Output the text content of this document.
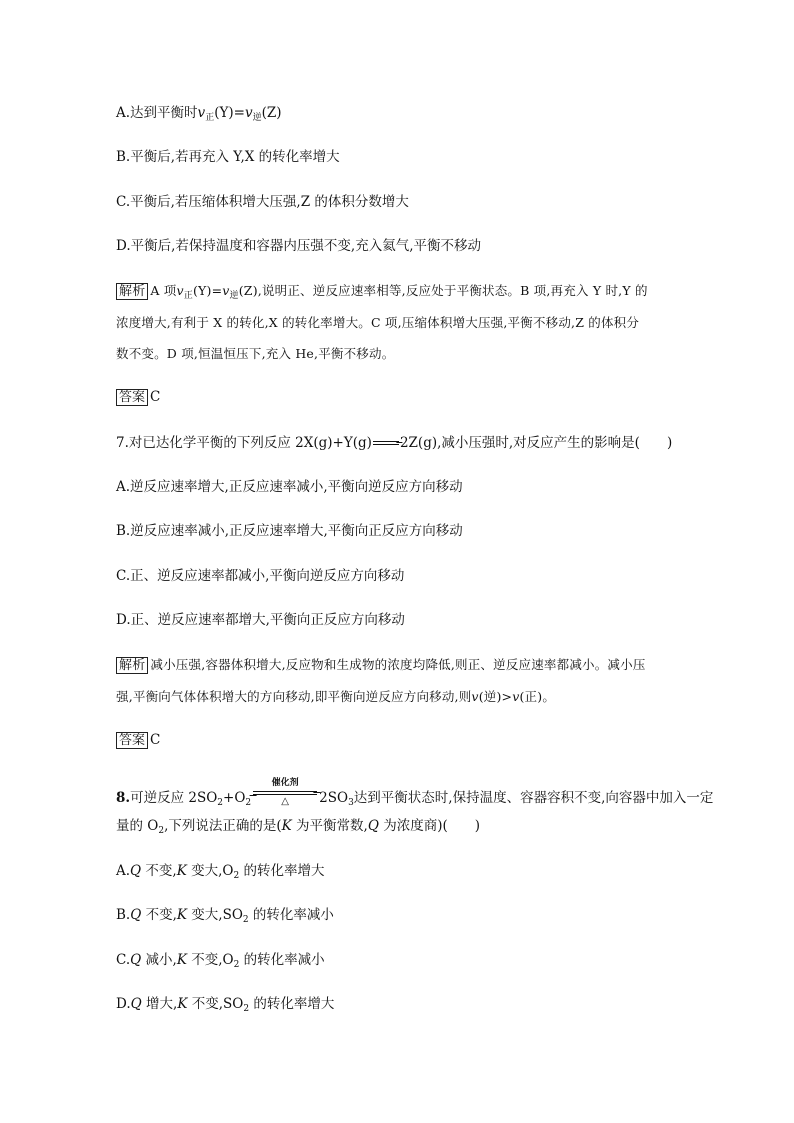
A.达到平衡时$v_正(Y)=v_逆(Z)$
B.平衡后,若再充入 Y,X 的转化率增大
C.平衡后,若压缩体积增大压强,Z 的体积分数增大
D.平衡后,若保持温度和容器内压强不变,充入氦气,平衡不移动
解析 A 项$v_正(Y)=v_逆(Z)$,说明正、逆反应速率相等,反应处于平衡状态。B 项,再充入 Y 时,Y 的
浓度增大,有利于 X 的转化,X 的转化率增大。C 项,压缩体积增大压强,平衡不移动,Z 的体积分
数不变。D 项,恒温恒压下,充入 He,平衡不移动。
答案 C
7.对已达化学平衡的下列反应 2X(g)+Y(g) 2Z(g),减小压强时,对反应产生的影响是(　　)
A.逆反应速率增大,正反应速率减小,平衡向逆反应方向移动
B.逆反应速率减小,正反应速率增大,平衡向正反应方向移动
C.正、逆反应速率都减小,平衡向逆反应方向移动
D.正、逆反应速率都增大,平衡向正反应方向移动
解析 减小压强,容器体积增大,反应物和生成物的浓度均降低,则正、逆反应速率都减小。减小压
强,平衡向气体体积增大的方向移动,即平衡向逆反应方向移动,则v(逆)>v(正)。
答案 C
8.可逆反应 $2SO_2+O_2$
催化剂
△	$2SO_3$达到平衡状态时,保持温度、容器容积不变,向容器中加入一定
量的 $O_2$,下列说法正确的是(K 为平衡常数,Q 为浓度商)(　　)
A.Q 不变,K 变大$,O_2$ 的转化率增大
B.Q 不变,K 变大$,SO_2$ 的转化率减小
C.Q 减小,K 不变$,O_2$ 的转化率减小
D.Q 增大,K 不变$,SO_2$ 的转化率增大
